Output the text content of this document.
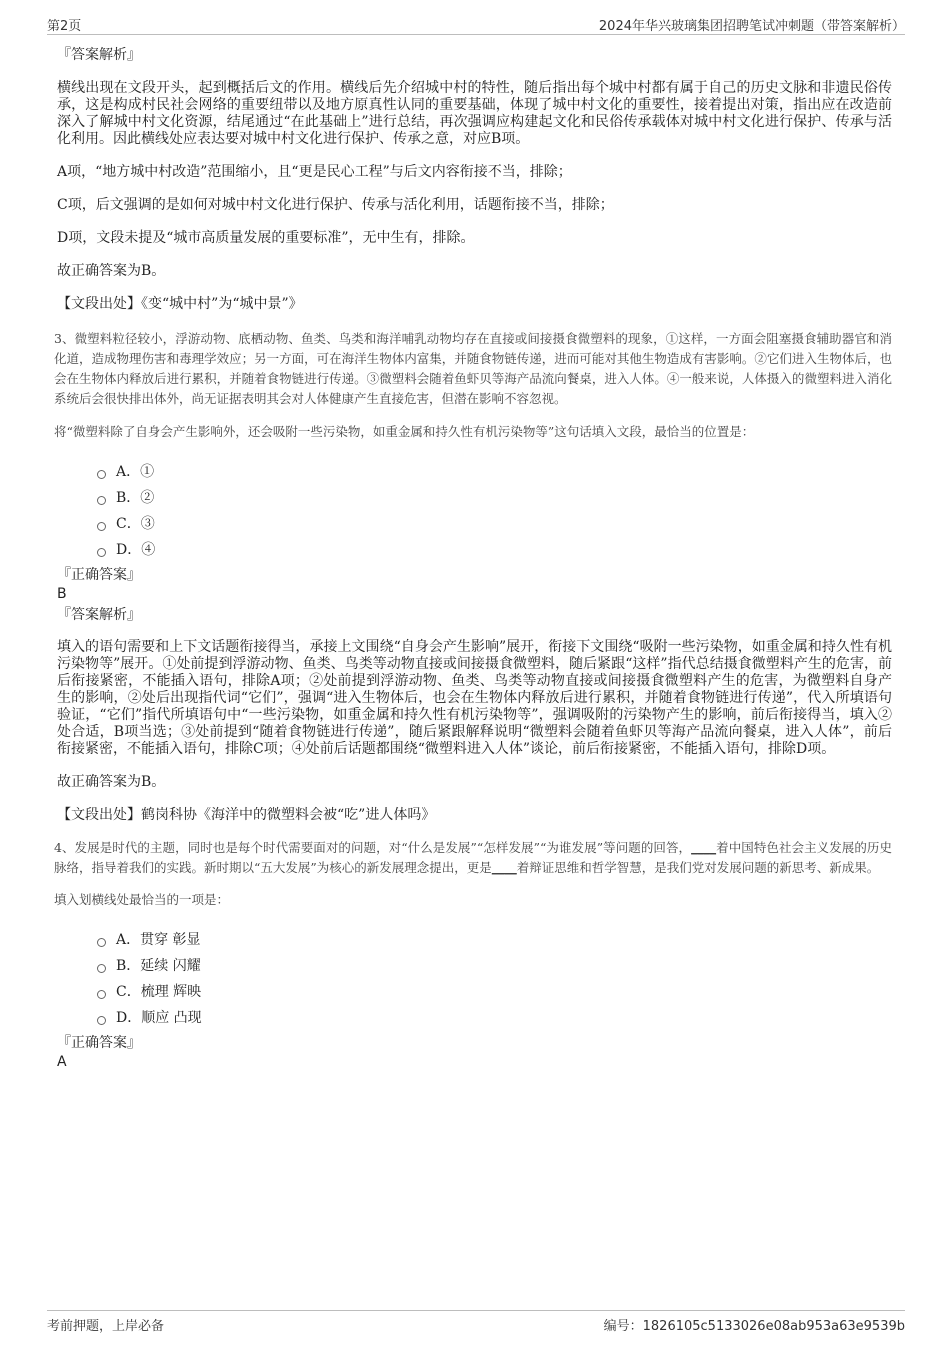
第2页	2024年华兴玻璃集团招聘笔试冲刺题（带答案解析）
『答案解析』

横线出现在文段开头，起到概括后文的作用。横线后先介绍城中村的特性，随后指出每个城中村都有属于自己的历史文脉和非遗民俗传承，这是构成村民社会网络的重要纽带以及地方原真性认同的重要基础，体现了城中村文化的重要性，接着提出对策，指出应在改造前深入了解城中村文化资源，结尾通过“在此基础上”进行总结，再次强调应构建起文化和民俗传承载体对城中村文化进行保护、传承与活化利用。因此横线处应表达要对城中村文化进行保护、传承之意，对应B项。

A项，“地方城中村改造”范围缩小，且“更是民心工程”与后文内容衔接不当，排除；

C项，后文强调的是如何对城中村文化进行保护、传承与活化利用，话题衔接不当，排除；

D项，文段未提及“城市高质量发展的重要标准”，无中生有，排除。

故正确答案为B。

【文段出处】《变“城中村”为“城中景”》

3、微塑料粒径较小，浮游动物、底栖动物、鱼类、鸟类和海洋哺乳动物均存在直接或间接摄食微塑料的现象，①这样，一方面会阻塞摄食辅助器官和消化道，造成物理伤害和毒理学效应；另一方面，可在海洋生物体内富集，并随食物链传递，进而可能对其他生物造成有害影响。②它们进入生物体后，也会在生物体内释放后进行累积，并随着食物链进行传递。③微塑料会随着鱼虾贝等海产品流向餐桌，进入人体。④一般来说，人体摄入的微塑料进入消化系统后会很快排出体外，尚无证据表明其会对人体健康产生直接危害，但潜在影响不容忽视。

将“微塑料除了自身会产生影响外，还会吸附一些污染物，如重金属和持久性有机污染物等”这句话填入文段，最恰当的位置是：

A．①
B．②
C．③
D．④
『正确答案』
B
『答案解析』

填入的语句需要和上下文话题衔接得当，承接上文围绕“自身会产生影响”展开，衔接下文围绕“吸附一些污染物，如重金属和持久性有机污染物等”展开。①处前提到浮游动物、鱼类、鸟类等动物直接或间接摄食微塑料，随后紧跟“这样”指代总结摄食微塑料产生的危害，前后衔接紧密，不能插入语句，排除A项；②处前提到浮游动物、鱼类、鸟类等动物直接或间接摄食微塑料产生的危害，为微塑料自身产生的影响，②处后出现指代词“它们”，强调“进入生物体后，也会在生物体内释放后进行累积，并随着食物链进行传递”，代入所填语句验证，“它们”指代所填语句中“一些污染物，如重金属和持久性有机污染物等”，强调吸附的污染物产生的影响，前后衔接得当，填入②处合适，B项当选；③处前提到“随着食物链进行传递”，随后紧跟解释说明“微塑料会随着鱼虾贝等海产品流向餐桌，进入人体”，前后衔接紧密，不能插入语句，排除C项；④处前后话题都围绕“微塑料进入人体”谈论，前后衔接紧密，不能插入语句，排除D项。

故正确答案为B。

【文段出处】鹤岗科协《海洋中的微塑料会被“吃”进人体吗》

4、发展是时代的主题，同时也是每个时代需要面对的问题，对“什么是发展”“怎样发展”“为谁发展”等问题的回答，____着中国特色社会主义发展的历史脉络，指导着我们的实践。新时期以“五大发展”为核心的新发展理念提出，更是____着辩证思维和哲学智慧，是我们党对发展问题的新思考、新成果。

填入划横线处最恰当的一项是：

A．贯穿 彰显
B．延续 闪耀
C．梳理 辉映
D．顺应 凸现
『正确答案』
A
考前押题，上岸必备	编号：1826105c5133026e08ab953a63e9539b
